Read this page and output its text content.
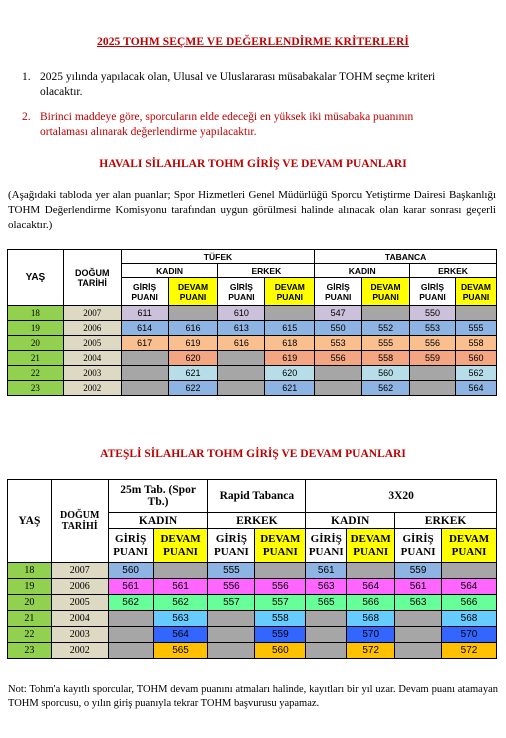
2025 TOHM SEÇME VE DEĞERLENDİRME KRİTERLERİ
1. 2025 yılında yapılacak olan, Ulusal ve Uluslararası müsabakalar TOHM seçme kriteri olacaktır.
2. Birinci maddeye göre, sporcuların elde edeceği en yüksek iki müsabaka puanının ortalaması alınarak değerlendirme yapılacaktır.
HAVALI SİLAHLAR TOHM GİRİŞ VE DEVAM PUANLARI
(Aşağıdaki tabloda yer alan puanlar; Spor Hizmetleri Genel Müdürlüğü Sporcu Yetiştirme Dairesi Başkanlığı TOHM Değerlendirme Komisyonu tarafından uygun görülmesi halinde alınacak olan karar sonrası geçerli olacaktır.)
YAŞ	DOĞUM TARİHİ	TÜFEK				TABANCA			
		KADIN		ERKEK		KADIN		ERKEK	
		GİRİŞ PUANI	DEVAM PUANI	GİRİŞ PUANI	DEVAM PUANI	GİRİŞ PUANI	DEVAM PUANI	GİRİŞ PUANI	DEVAM PUANI
18	2007	611		610		547		550	
19	2006	614	616	613	615	550	552	553	555
20	2005	617	619	616	618	553	555	556	558
21	2004		620		619	556	558	559	560
22	2003		621		620		560		562
23	2002		622		621		562		564
ATEŞLİ SİLAHLAR TOHM GİRİŞ VE DEVAM PUANLARI
YAŞ	DOĞUM TARİHİ	25m Tab. (Spor Tb.)		Rapid Tabanca		3X20			
		KADIN		ERKEK		KADIN		ERKEK	
		GİRİŞ PUANI	DEVAM PUANI	GİRİŞ PUANI	DEVAM PUANI	GİRİŞ PUANI	DEVAM PUANI	GİRİŞ PUANI	DEVAM PUANI
18	2007	560		555		561		559	
19	2006	561	561	556	556	563	564	561	564
20	2005	562	562	557	557	565	566	563	566
21	2004		563		558		568		568
22	2003		564		559		570		570
23	2002		565		560		572		572
Not: Tohm'a kayıtlı sporcular, TOHM devam puanını atmaları halinde, kayıtları bir yıl uzar. Devam puanı atamayan TOHM sporcusu, o yılın giriş puanıyla tekrar TOHM başvurusu yapamaz.
